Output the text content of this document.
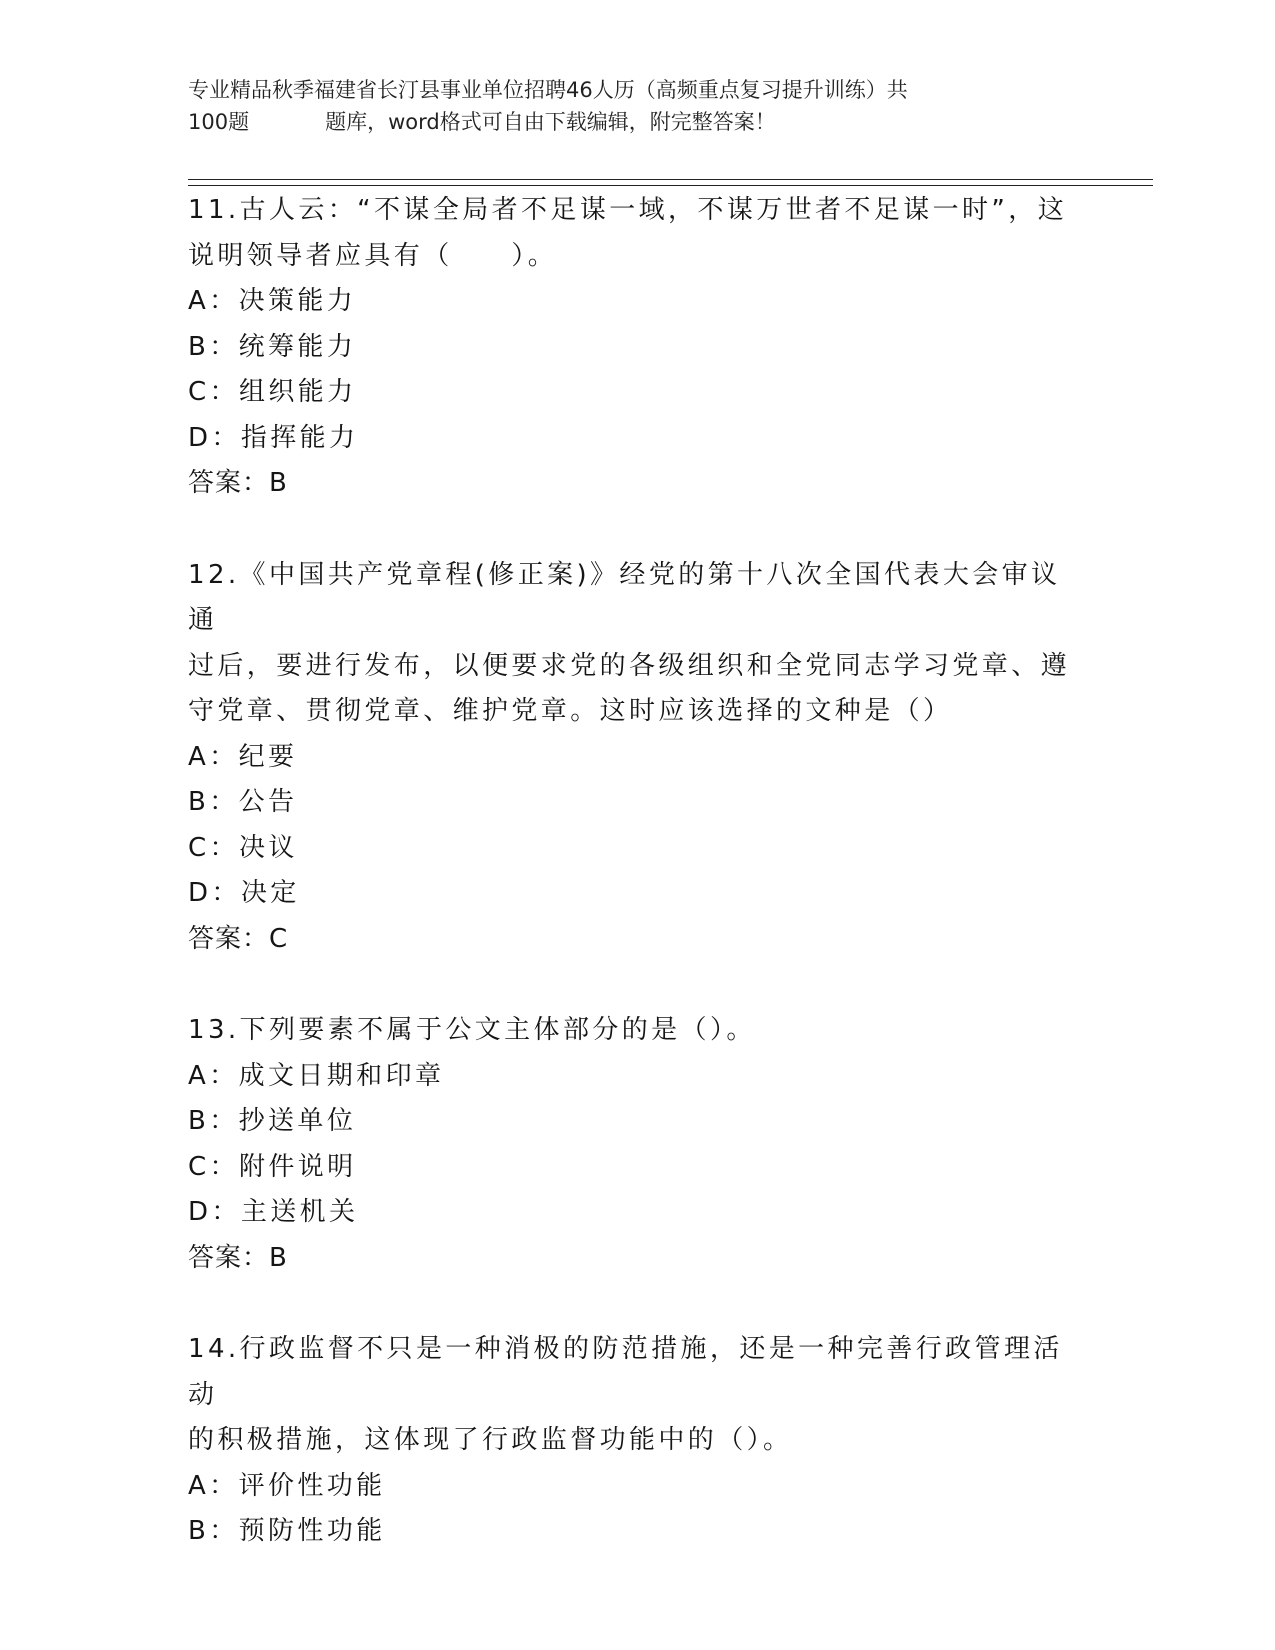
专业精品秋季福建省长汀县事业单位招聘46人历（高频重点复习提升训练）共
100题	题库，word格式可自由下载编辑，附完整答案！

11.古人云：“不谋全局者不足谋一域，不谋万世者不足谋一时”，这

说明领导者应具有（　　）。

A：决策能力

B：统筹能力

C：组织能力

D：指挥能力

答案：B

12.《中国共产党章程(修正案)》经党的第十八次全国代表大会审议通

过后，要进行发布，以便要求党的各级组织和全党同志学习党章、遵

守党章、贯彻党章、维护党章。这时应该选择的文种是（）

A：纪要

B：公告

C：决议

D：决定

答案：C

13.下列要素不属于公文主体部分的是（）。

A：成文日期和印章

B：抄送单位

C：附件说明

D：主送机关

答案：B

14.行政监督不只是一种消极的防范措施，还是一种完善行政管理活动

的积极措施，这体现了行政监督功能中的（）。

A：评价性功能

B：预防性功能
